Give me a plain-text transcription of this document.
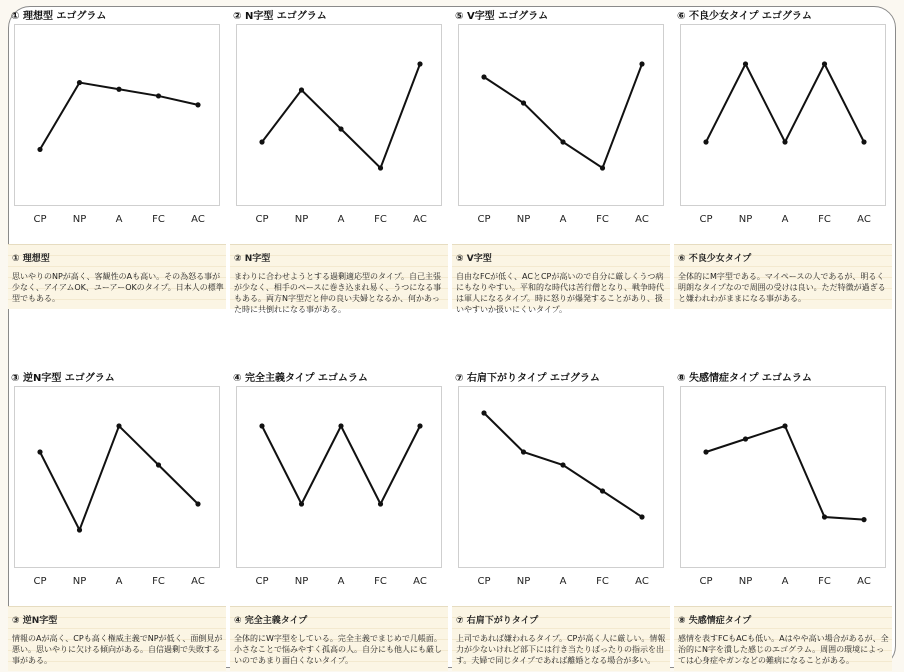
① 理想型 エゴグラム
CP	NP	A	FC	AC
① 理想型
思いやりのNPが高く、客観性のAも高い。その為怒る事が少なく、アイアムOK、ユーアーOKのタイプ。日本人の標準型でもある。
② N字型 エゴグラム
CP	NP	A	FC	AC
② N字型
まわりに合わせようとする過剰適応型のタイプ。自己主張が少なく、相手のペースに巻き込まれ易く、うつになる事もある。両方N字型だと仲の良い夫婦となるか、何かあった時に共倒れになる事がある。
⑤ V字型 エゴグラム
CP	NP	A	FC	AC
⑤ V字型
自由なFCが低く、ACとCPが高いので自分に厳しくうつ病にもなりやすい。平和的な時代は苦行僧となり、戦争時代は軍人になるタイプ。時に怒りが爆発することがあり、扱いやすいか扱いにくいタイプ。
⑥ 不良少女タイプ エゴグラム
CP	NP	A	FC	AC
⑥ 不良少女タイプ
全体的にM字型である。マイペースの人であるが、明るく明朗なタイプなので周囲の受けは良い。ただ特徴が過ぎると嫌われわがままになる事がある。
③ 逆N字型 エゴグラム
CP	NP	A	FC	AC
③ 逆N字型
情報のAが高く、CPも高く権威主義でNPが低く、面倒見が悪い。思いやりに欠ける傾向がある。自信過剰で失敗する事がある。
④ 完全主義タイプ エゴムラム
CP	NP	A	FC	AC
④ 完全主義タイプ
全体的にW字型をしている。完全主義でまじめで几帳面。小さなことで悩みやすく孤高の人。自分にも他人にも厳しいのであまり面白くないタイプ。
⑦ 右肩下がりタイプ エゴグラム
CP	NP	A	FC	AC
⑦ 右肩下がりタイプ
上司であれば嫌われるタイプ。CPが高く人に厳しい。情報力が少ないけれど部下には行き当たりばったりの指示を出す。夫婦で同じタイプであれば離婚となる場合が多い。
⑧ 失感情症タイプ エゴムラム
CP	NP	A	FC	AC
⑧ 失感情症タイプ
感情を表すFCもACも低い。Aはやや高い場合があるが、全治的にN字を潰した感じのエゴグラム。周囲の環境によっては心身症やガンなどの難病になることがある。
